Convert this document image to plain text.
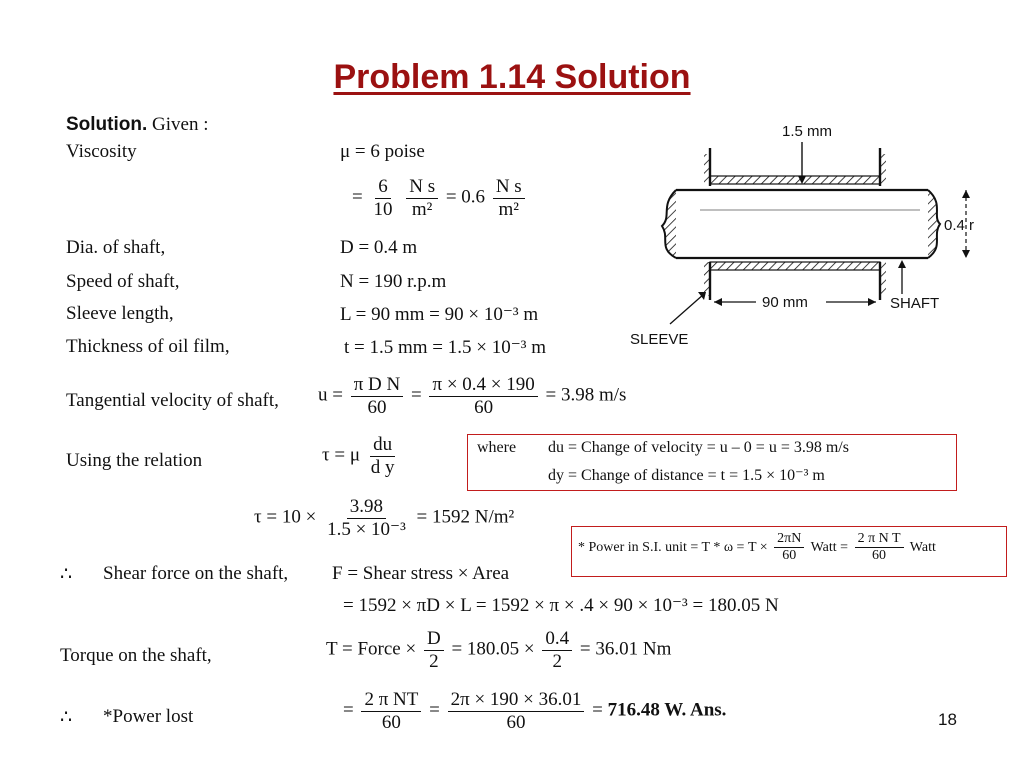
Problem 1.14 Solution
Solution. Given :
Viscosity	μ = 6 poise
= $\frac{6}{10}$
$\frac{\text{N s}}{\text{m²}} = 0.6 \frac{\text{N s}}{\text{m²}}$
Dia. of shaft,	D = 0.4 m
Speed of shaft,	N = 190 r.p.m
Sleeve length,	L = 90 mm = 90 × 10⁻³ m
Thickness of oil film,	t = 1.5 mm = 1.5 × 10⁻³ m
Tangential velocity of shaft, $u = \frac{\text{π D N}}{60} = \frac{\pi \times 0.4 \times 190}{60} = 3.98$ m/s
Using the relation	τ = μ $\frac{du}{\text{d y}}$	where du = Change of velocity = u – 0 = u = 3.98 m/s
dy = Change of distance = t = 1.5 × 10⁻³ m
$\tau = 10 \times \frac{3.98}{\text{1.5 × 10⁻³}} = 1592$ N/m²
* Power in S.I. unit = $T * \omega = T \times \frac{2\pi N}{60}$ Watt = $\frac{\text{2 π N T}}{60}$ Watt
∴ Shear force on the shaft, F = Shear stress × Area
= 1592 × πD × L = 1592 × π × .4 × 90 × 10⁻³ = 180.05 N
Torque on the shaft,	T = Force × $\frac{D}{2} = 180.05 \times \frac{0.4}{2} = 36.01$ Nm
∴ *Power lost	= $\frac{\text{2 π NT}}{60} = \frac{2\pi \times 190 \times 36.01}{60} = 716.48$ W. Ans.	18
1.5 mm
0.4 r
90 mm	SHAFT
SLEEVE
